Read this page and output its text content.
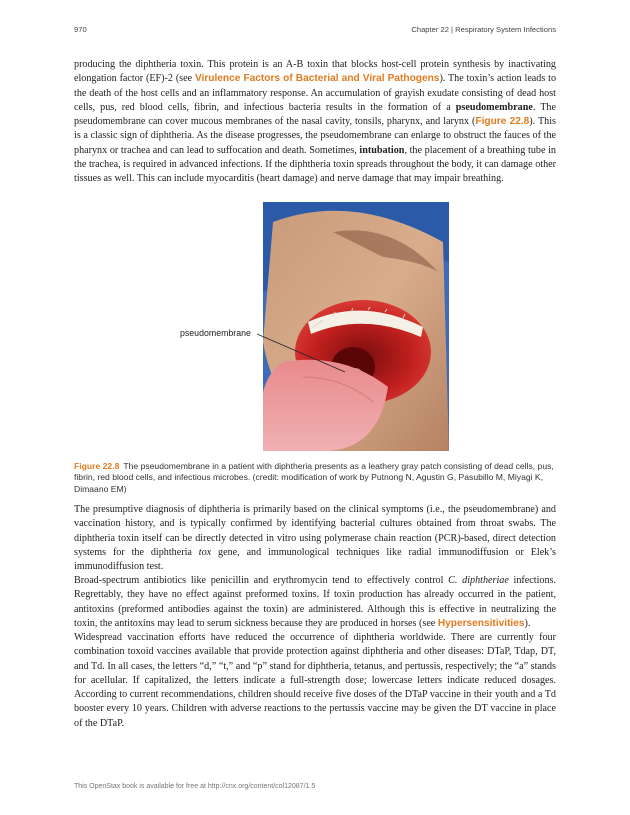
970	Chapter 22 | Respiratory System Infections

producing the diphtheria toxin. This protein is an A-B toxin that blocks host-cell protein synthesis by inactivating elongation factor (EF)-2 (see Virulence Factors of Bacterial and Viral Pathogens). The toxin’s action leads to the death of the host cells and an inflammatory response. An accumulation of grayish exudate consisting of dead host cells, pus, red blood cells, fibrin, and infectious bacteria results in the formation of a pseudomembrane. The pseudomembrane can cover mucous membranes of the nasal cavity, tonsils, pharynx, and larynx (Figure 22.8). This is a classic sign of diphtheria. As the disease progresses, the pseudomembrane can enlarge to obstruct the fauces of the pharynx or trachea and can lead to suffocation and death. Sometimes, intubation, the placement of a breathing tube in the trachea, is required in advanced infections. If the diphtheria toxin spreads throughout the body, it can damage other tissues as well. This can include myocarditis (heart damage) and nerve damage that may impair breathing.

pseudomembrane
Figure 22.8 The pseudomembrane in a patient with diphtheria presents as a leathery gray patch consisting of dead cells, pus, fibrin, red blood cells, and infectious microbes. (credit: modification of work by Putnong N, Agustin G, Pasubillo M, Miyagi K, Dimaano EM)

The presumptive diagnosis of diphtheria is primarily based on the clinical symptoms (i.e., the pseudomembrane) and vaccination history, and is typically confirmed by identifying bacterial cultures obtained from throat swabs. The diphtheria toxin itself can be directly detected in vitro using polymerase chain reaction (PCR)-based, direct detection systems for the diphtheria tox gene, and immunological techniques like radial immunodiffusion or Elek’s immunodiffusion test.

Broad-spectrum antibiotics like penicillin and erythromycin tend to effectively control C. diphtheriae infections. Regrettably, they have no effect against preformed toxins. If toxin production has already occurred in the patient, antitoxins (preformed antibodies against the toxin) are administered. Although this is effective in neutralizing the toxin, the antitoxins may lead to serum sickness because they are produced in horses (see Hypersensitivities).

Widespread vaccination efforts have reduced the occurrence of diphtheria worldwide. There are currently four combination toxoid vaccines available that provide protection against diphtheria and other diseases: DTaP, Tdap, DT, and Td. In all cases, the letters “d,” “t,” and “p” stand for diphtheria, tetanus, and pertussis, respectively; the “a” stands for acellular. If capitalized, the letters indicate a full-strength dose; lowercase letters indicate reduced dosages. According to current recommendations, children should receive five doses of the DTaP vaccine in their youth and a Td booster every 10 years. Children with adverse reactions to the pertussis vaccine may be given the DT vaccine in place of the DTaP.

This OpenStax book is available for free at http://cnx.org/content/col12087/1.5
